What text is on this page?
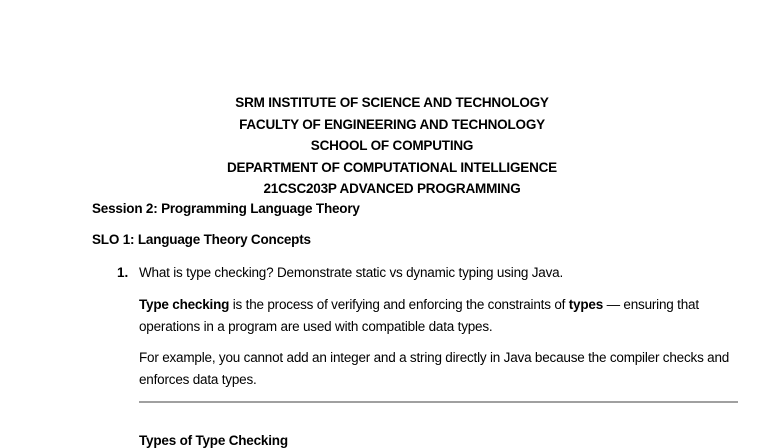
SRM INSTITUTE OF SCIENCE AND TECHNOLOGY
FACULTY OF ENGINEERING AND TECHNOLOGY
SCHOOL OF COMPUTING
DEPARTMENT OF COMPUTATIONAL INTELLIGENCE
21CSC203P ADVANCED PROGRAMMING
Session 2: Programming Language Theory
SLO 1: Language Theory Concepts
1. What is type checking? Demonstrate static vs dynamic typing using Java.
Type checking is the process of verifying and enforcing the constraints of types — ensuring that operations in a program are used with compatible data types.
For example, you cannot add an integer and a string directly in Java because the compiler checks and enforces data types.
Types of Type Checking
